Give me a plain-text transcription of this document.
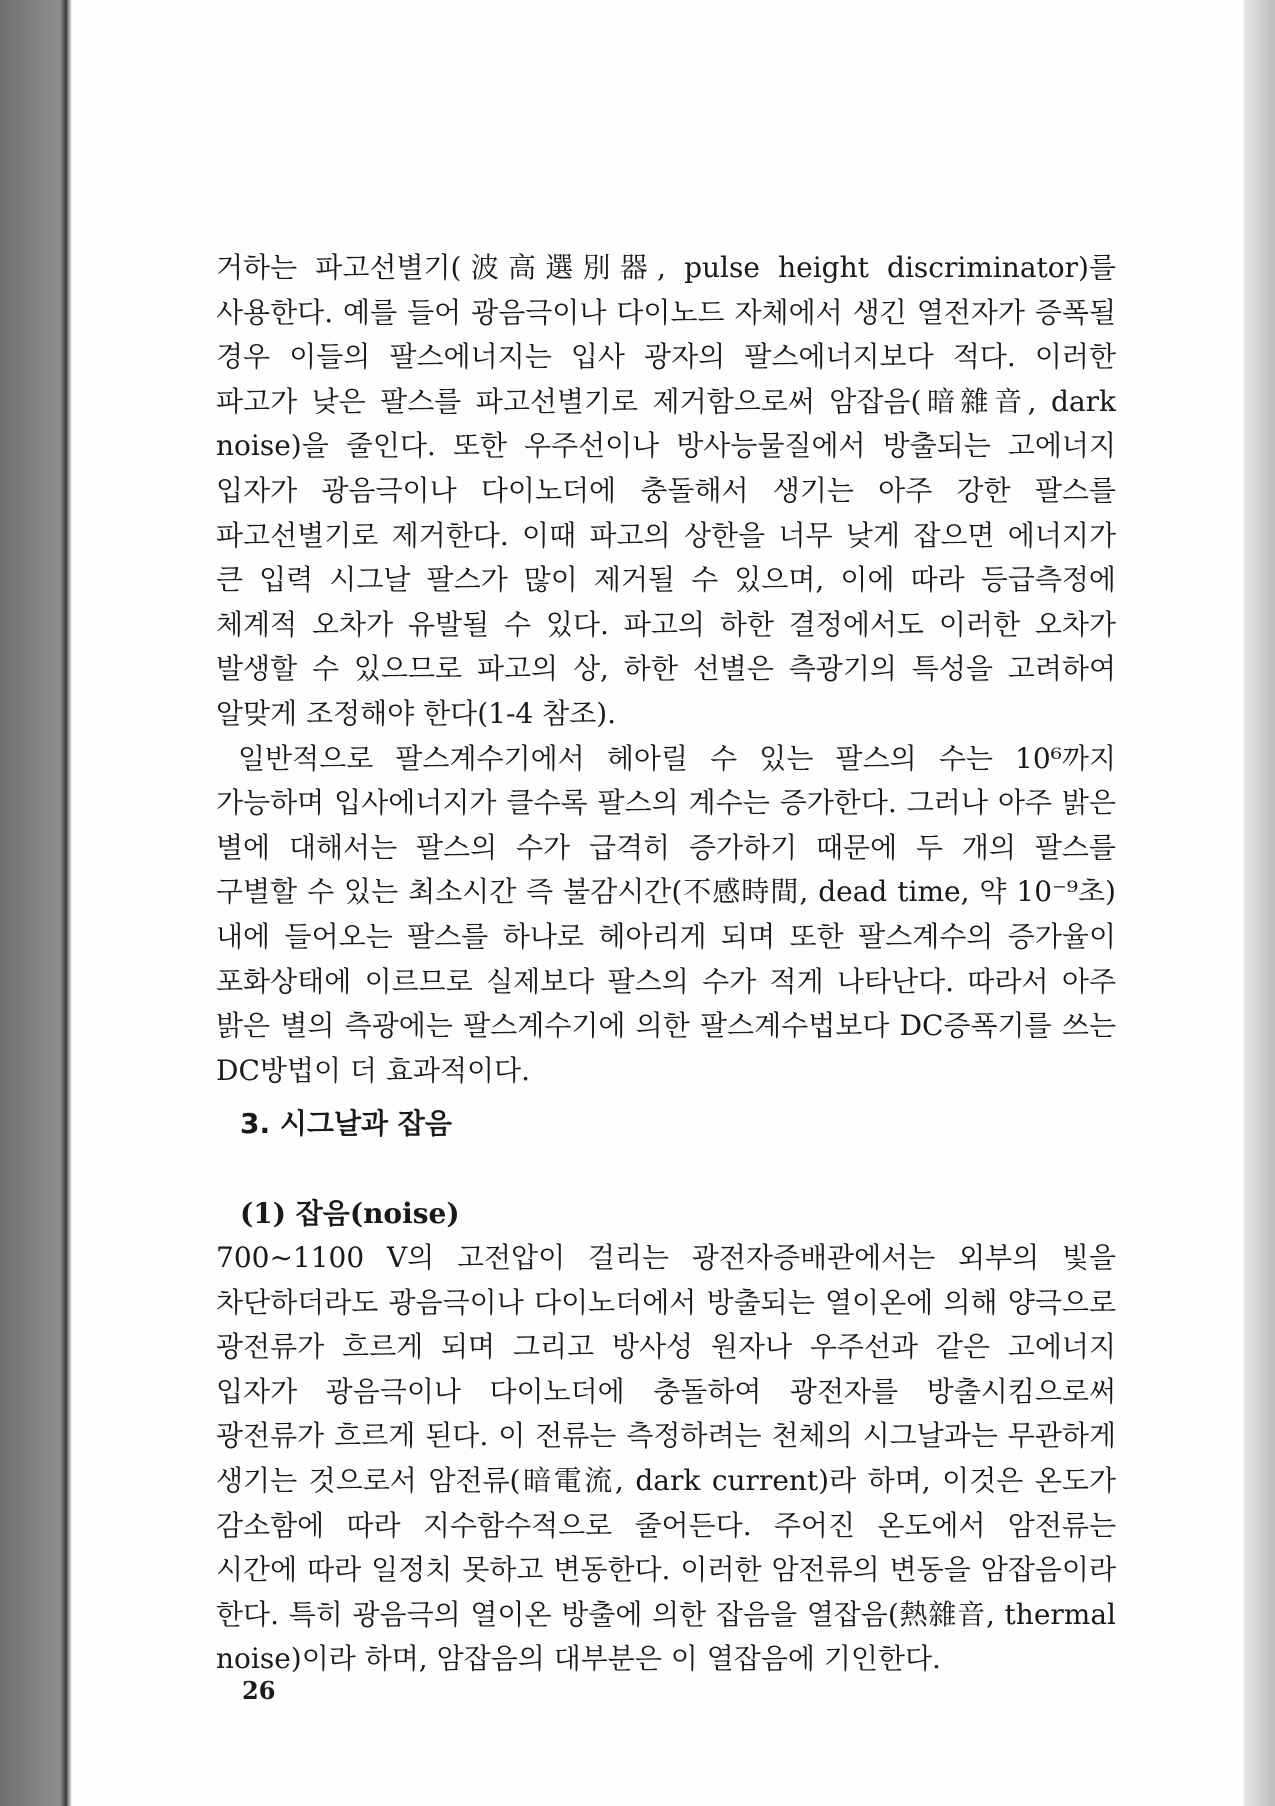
거하는 파고선별기(波高選別器, pulse height discriminator)를 사용한다. 예를 들어 광음극이나 다이노드 자체에서 생긴 열전자가 증폭될 경우 이들의 팔스에너지는 입사 광자의 팔스에너지보다 적다. 이러한 파고가 낮은 팔스를 파고선별기로 제거함으로써 암잡음(暗雜音, dark noise)을 줄인다. 또한 우주선이나 방사능물질에서 방출되는 고에너지 입자가 광음극이나 다이노더에 충돌해서 생기는 아주 강한 팔스를 파고선별기로 제거한다. 이때 파고의 상한을 너무 낮게 잡으면 에너지가 큰 입력 시그날 팔스가 많이 제거될 수 있으며, 이에 따라 등급측정에 체계적 오차가 유발될 수 있다. 파고의 하한 결정에서도 이러한 오차가 발생할 수 있으므로 파고의 상, 하한 선별은 측광기의 특성을 고려하여 알맞게 조정해야 한다(1-4 참조).

일반적으로 팔스계수기에서 헤아릴 수 있는 팔스의 수는 10⁶까지 가능하며 입사에너지가 클수록 팔스의 계수는 증가한다. 그러나 아주 밝은 별에 대해서는 팔스의 수가 급격히 증가하기 때문에 두 개의 팔스를 구별할 수 있는 최소시간 즉 불감시간(不感時間, dead time, 약 10⁻⁹초) 내에 들어오는 팔스를 하나로 헤아리게 되며 또한 팔스계수의 증가율이 포화상태에 이르므로 실제보다 팔스의 수가 적게 나타난다. 따라서 아주 밝은 별의 측광에는 팔스계수기에 의한 팔스계수법보다 DC증폭기를 쓰는 DC방법이 더 효과적이다.

3. 시그날과 잡음
(1) 잡음(noise)

700∼1100 V의 고전압이 걸리는 광전자증배관에서는 외부의 빛을 차단하더라도 광음극이나 다이노더에서 방출되는 열이온에 의해 양극으로 광전류가 흐르게 되며 그리고 방사성 원자나 우주선과 같은 고에너지 입자가 광음극이나 다이노더에 충돌하여 광전자를 방출시킴으로써 광전류가 흐르게 된다. 이 전류는 측정하려는 천체의 시그날과는 무관하게 생기는 것으로서 암전류(暗電流, dark current)라 하며, 이것은 온도가 감소함에 따라 지수함수적으로 줄어든다. 주어진 온도에서 암전류는 시간에 따라 일정치 못하고 변동한다. 이러한 암전류의 변동을 암잡음이라 한다. 특히 광음극의 열이온 방출에 의한 잡음을 열잡음(熱雜音, thermal noise)이라 하며, 암잡음의 대부분은 이 열잡음에 기인한다.

26
